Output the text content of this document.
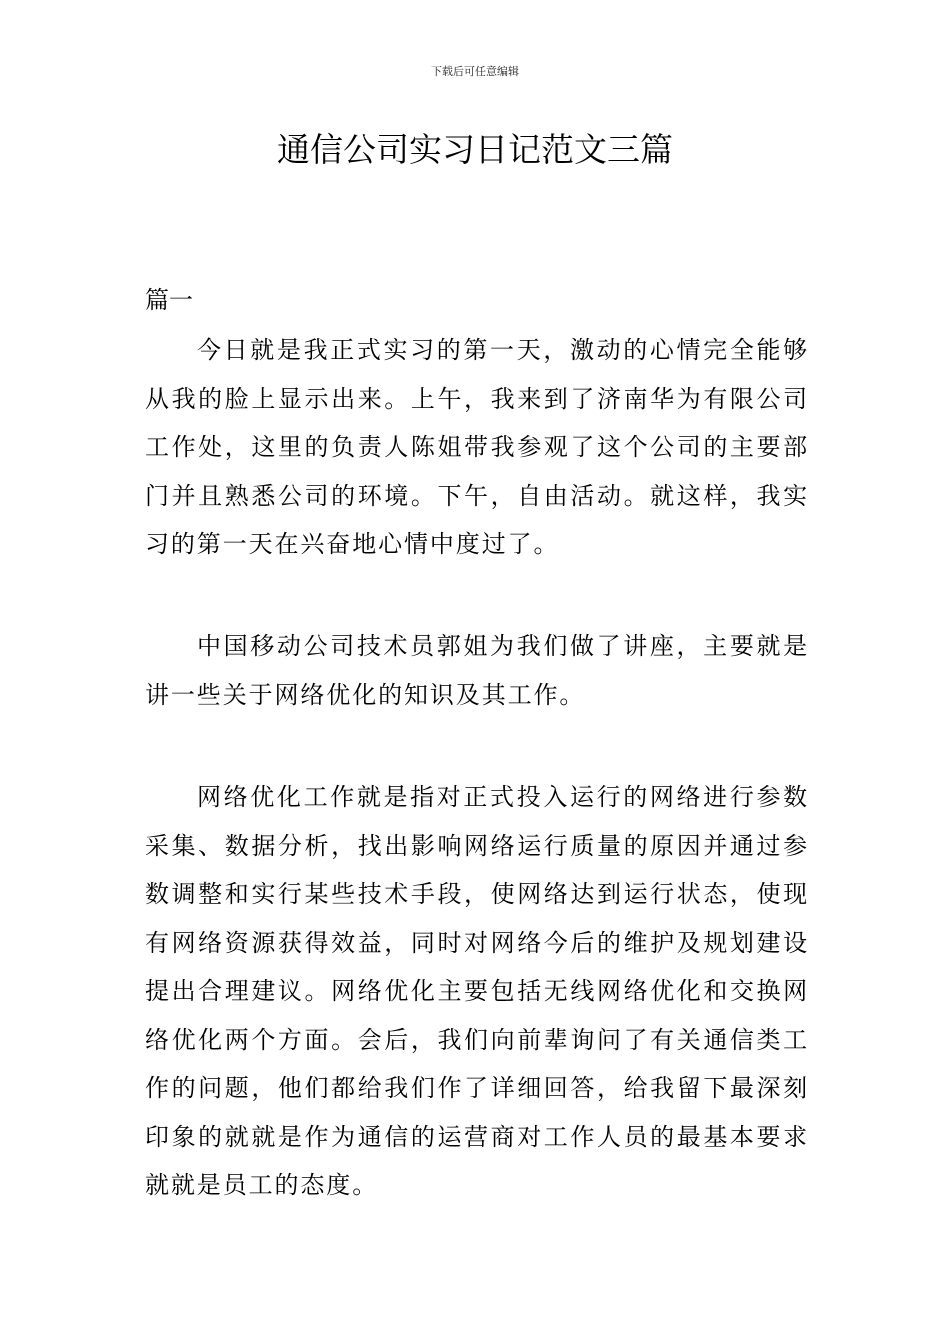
下载后可任意编辑
通信公司实习日记范文三篇
篇一

今日就是我正式实习的第一天，激动的心情完全能够从我的脸上显示出来。上午，我来到了济南华为有限公司工作处，这里的负责人陈姐带我参观了这个公司的主要部门并且熟悉公司的环境。下午，自由活动。就这样，我实习的第一天在兴奋地心情中度过了。

中国移动公司技术员郭姐为我们做了讲座，主要就是讲一些关于网络优化的知识及其工作。

网络优化工作就是指对正式投入运行的网络进行参数采集、数据分析，找出影响网络运行质量的原因并通过参数调整和实行某些技术手段，使网络达到运行状态，使现有网络资源获得效益，同时对网络今后的维护及规划建设提出合理建议。网络优化主要包括无线网络优化和交换网络优化两个方面。会后，我们向前辈询问了有关通信类工作的问题，他们都给我们作了详细回答，给我留下最深刻印象的就就是作为通信的运营商对工作人员的最基本要求就就是员工的态度。
